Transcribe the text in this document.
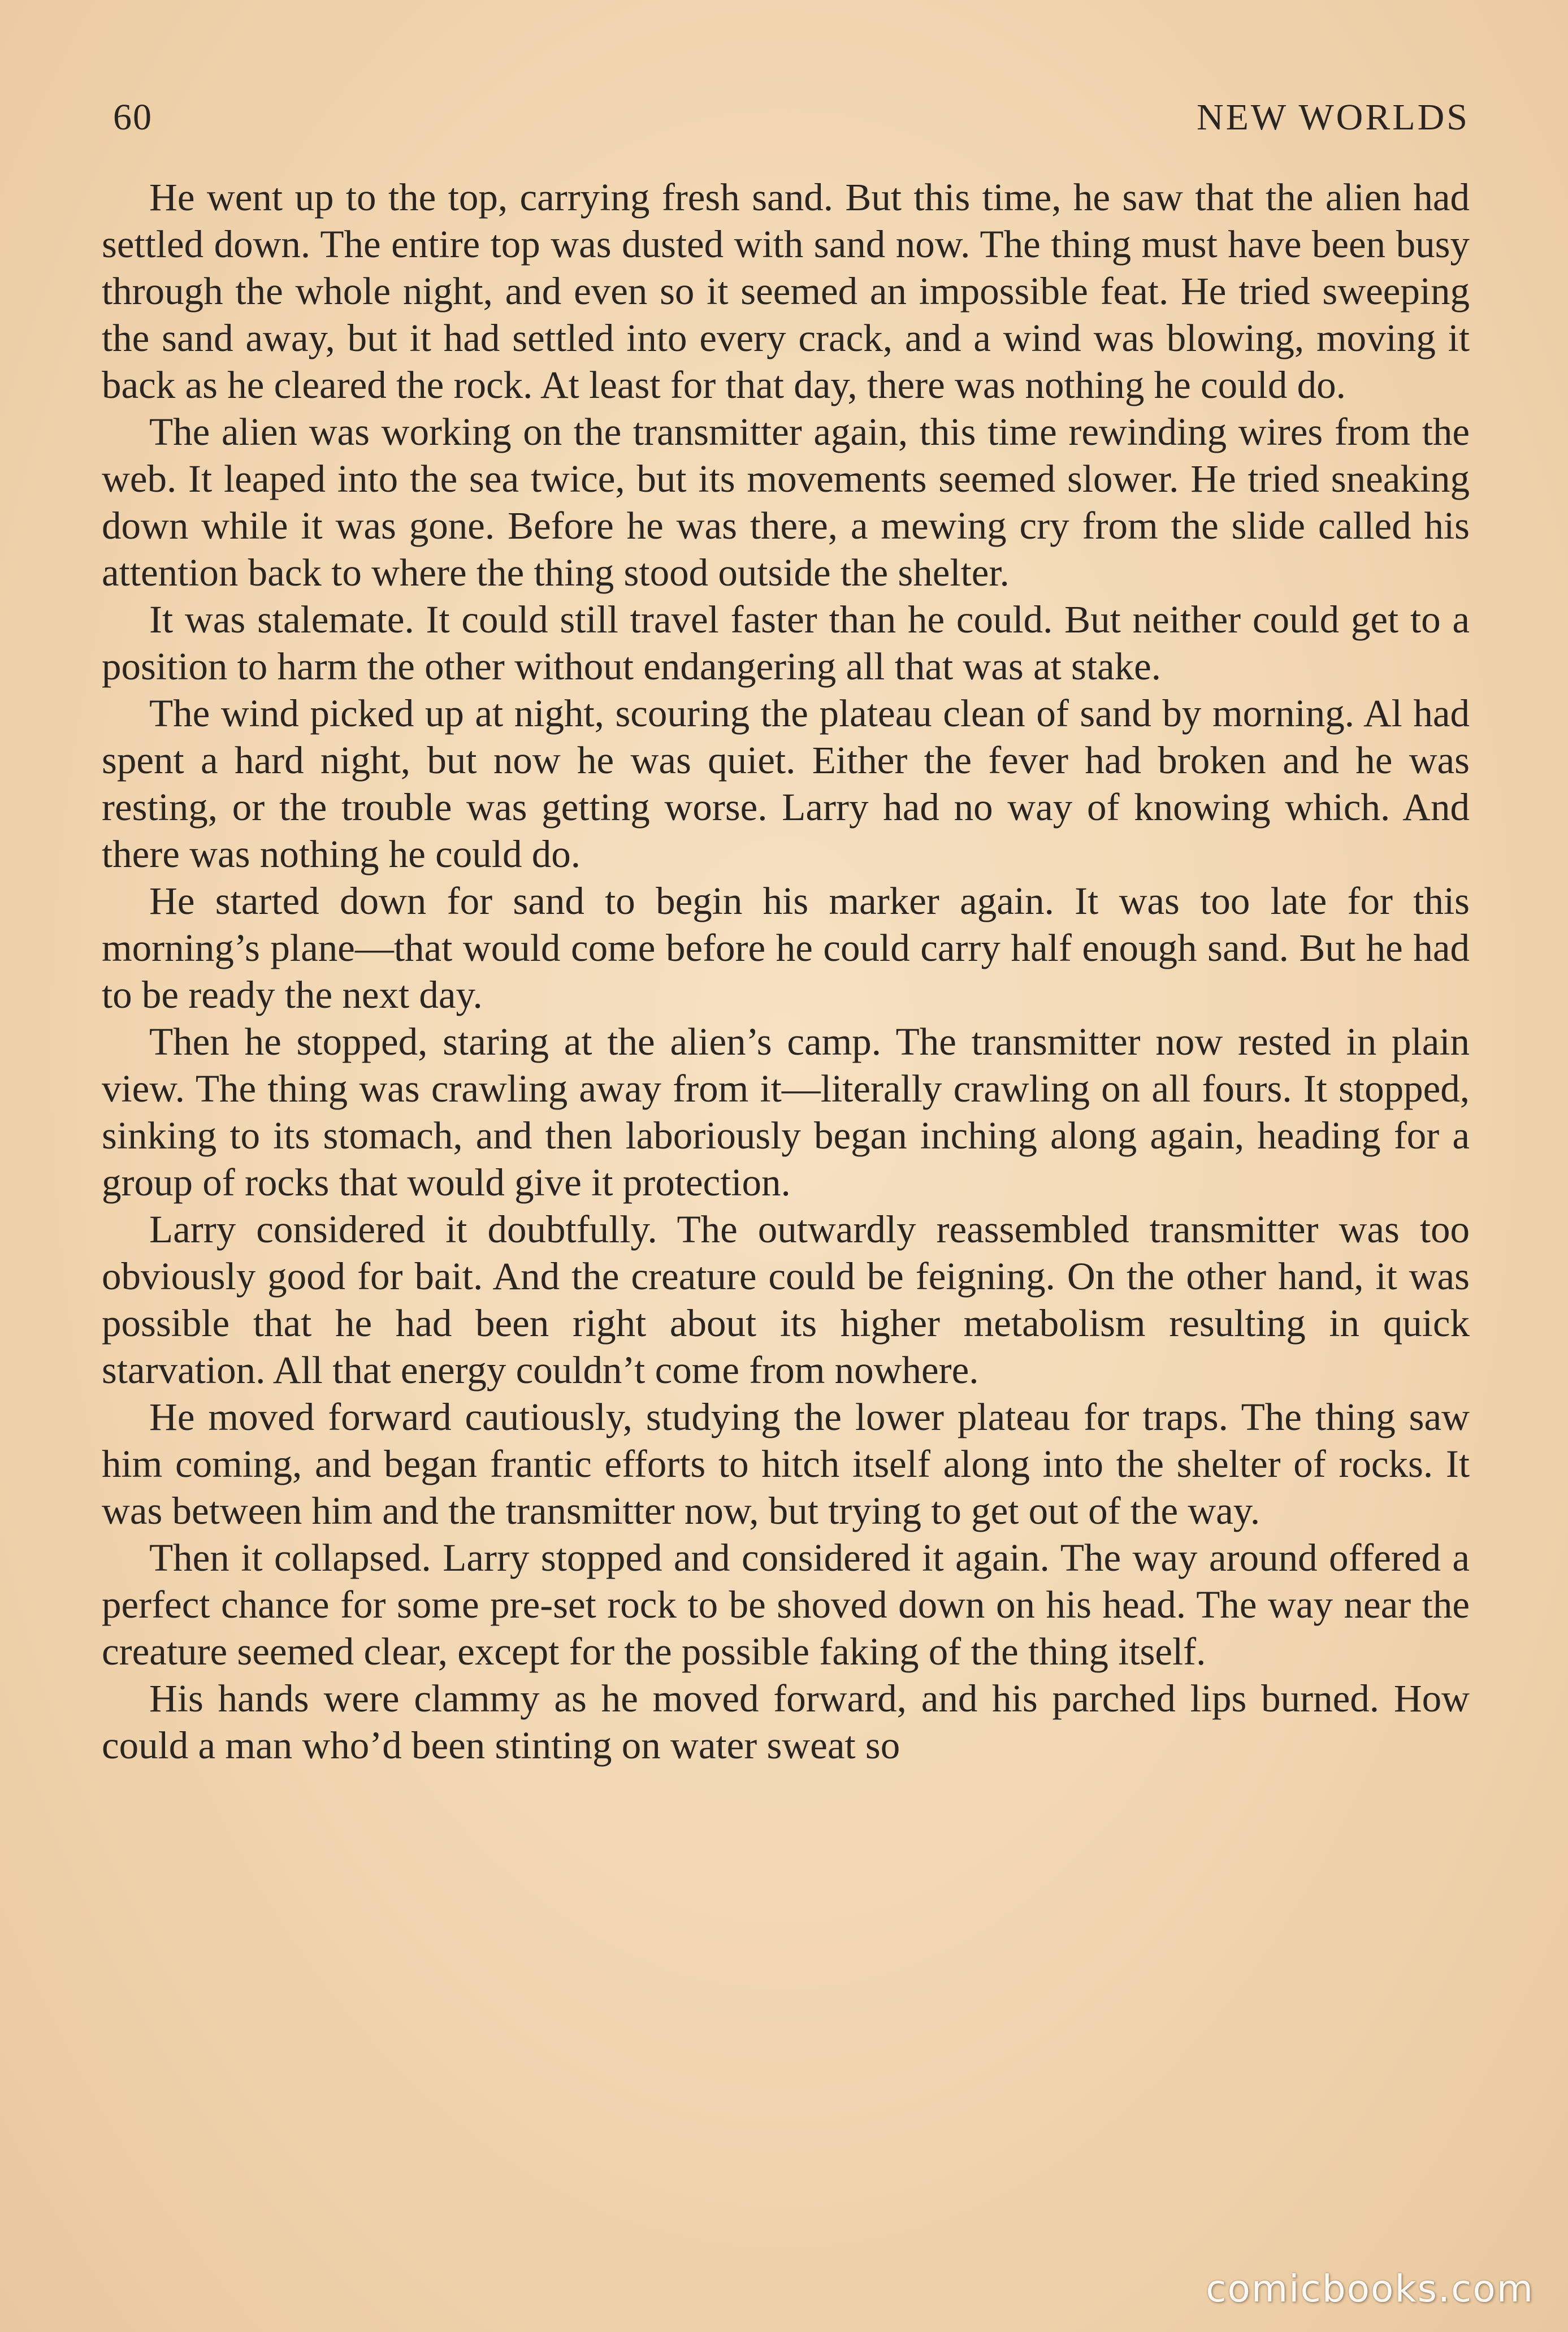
60	NEW WORLDS

He went up to the top, carrying fresh sand. But this time, he saw that the alien had settled down. The entire top was dusted with sand now. The thing must have been busy through the whole night, and even so it seemed an impossible feat. He tried sweeping the sand away, but it had settled into every crack, and a wind was blowing, moving it back as he cleared the rock. At least for that day, there was nothing he could do.

The alien was working on the transmitter again, this time rewinding wires from the web. It leaped into the sea twice, but its movements seemed slower. He tried sneaking down while it was gone. Before he was there, a mewing cry from the slide called his attention back to where the thing stood outside the shelter.

It was stalemate. It could still travel faster than he could. But neither could get to a position to harm the other without endangering all that was at stake.

The wind picked up at night, scouring the plateau clean of sand by morning. Al had spent a hard night, but now he was quiet. Either the fever had broken and he was resting, or the trouble was getting worse. Larry had no way of knowing which. And there was nothing he could do.

He started down for sand to begin his marker again. It was too late for this morning’s plane—that would come before he could carry half enough sand. But he had to be ready the next day.

Then he stopped, staring at the alien’s camp. The transmitter now rested in plain view. The thing was crawling away from it—literally crawling on all fours. It stopped, sinking to its stomach, and then laboriously began inching along again, heading for a group of rocks that would give it protection.

Larry considered it doubtfully. The outwardly reassembled transmitter was too obviously good for bait. And the creature could be feigning. On the other hand, it was possible that he had been right about its higher metabolism resulting in quick starvation. All that energy couldn’t come from nowhere.

He moved forward cautiously, studying the lower plateau for traps. The thing saw him coming, and began frantic efforts to hitch itself along into the shelter of rocks. It was between him and the transmitter now, but trying to get out of the way.

Then it collapsed. Larry stopped and considered it again. The way around offered a perfect chance for some pre-set rock to be shoved down on his head. The way near the creature seemed clear, except for the possible faking of the thing itself.

His hands were clammy as he moved forward, and his parched lips burned. How could a man who’d been stinting on water sweat so

comicbooks.com
